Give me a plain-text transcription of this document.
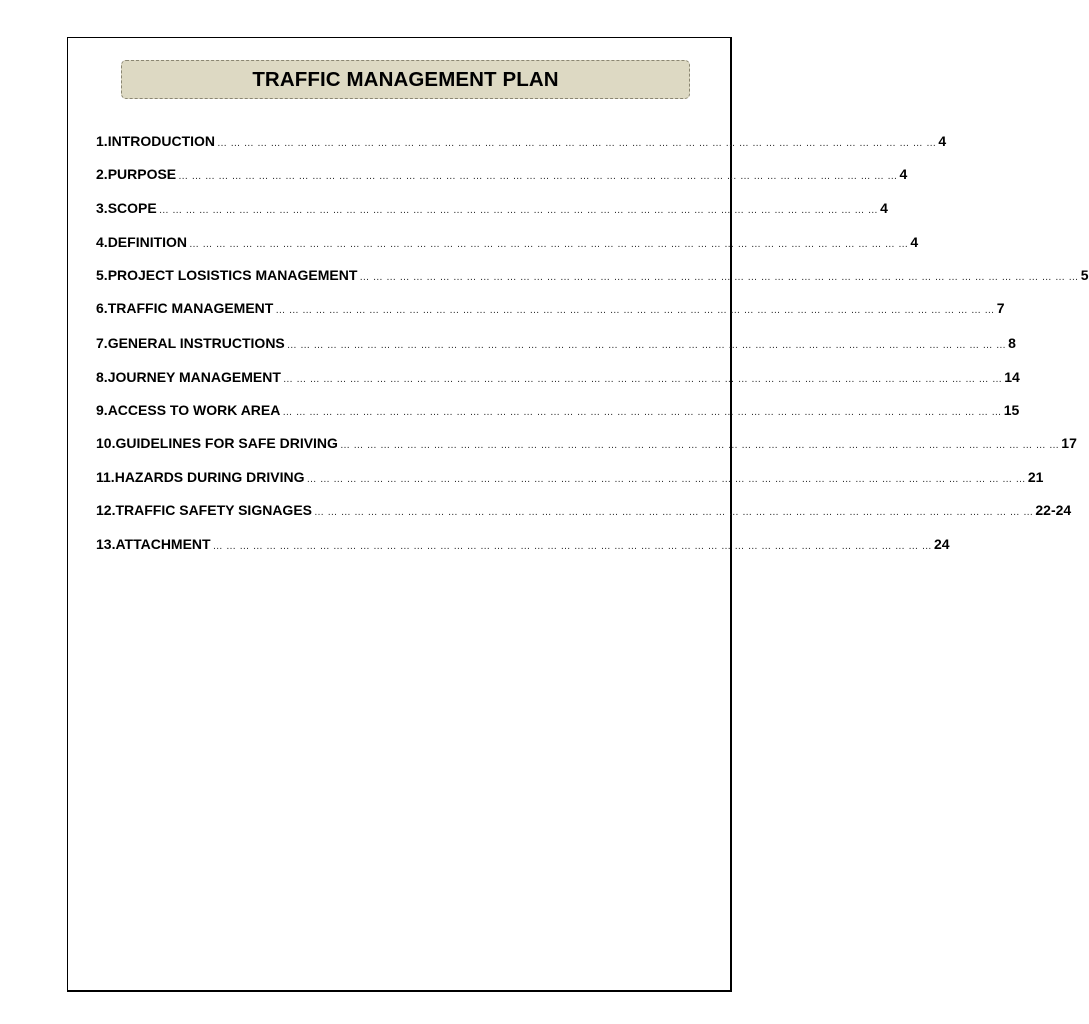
TRAFFIC MANAGEMENT PLAN
1. INTRODUCTION … … … … … … … … … … … … … … … … … … … … … … … … … … … … … … … … … … … … … … … … … … … … … … … … … … … … … … 4
2. PURPOSE … … … … … … … … … … … … … … … … … … … … … … … … … … … … … … … … … … … … … … … … … … … … … … … … … … … … … … 4
3. SCOPE … … … … … … … … … … … … … … … … … … … … … … … … … … … … … … … … … … … … … … … … … … … … … … … … … … … … … … 4
4. DEFINITION … … … … … … … … … … … … … … … … … … … … … … … … … … … … … … … … … … … … … … … … … … … … … … … … … … … … … … 4
5. PROJECT LOSISTICS MANAGEMENT … … … … … … … … … … … … … … … … … … … … … … … … … … … … … … … … … … … … … … … … … … … … … … … … … … … … … … 5
6. TRAFFIC MANAGEMENT … … … … … … … … … … … … … … … … … … … … … … … … … … … … … … … … … … … … … … … … … … … … … … … … … … … … … … 7
7. GENERAL INSTRUCTIONS … … … … … … … … … … … … … … … … … … … … … … … … … … … … … … … … … … … … … … … … … … … … … … … … … … … … … … 8
8. JOURNEY MANAGEMENT … … … … … … … … … … … … … … … … … … … … … … … … … … … … … … … … … … … … … … … … … … … … … … … … … … … … … … 14
9. ACCESS TO WORK AREA … … … … … … … … … … … … … … … … … … … … … … … … … … … … … … … … … … … … … … … … … … … … … … … … … … … … … … 15
10. GUIDELINES FOR SAFE DRIVING … … … … … … … … … … … … … … … … … … … … … … … … … … … … … … … … … … … … … … … … … … … … … … … … … … … … … … 17
11. HAZARDS DURING DRIVING … … … … … … … … … … … … … … … … … … … … … … … … … … … … … … … … … … … … … … … … … … … … … … … … … … … … … … 21
12. TRAFFIC SAFETY SIGNAGES … … … … … … … … … … … … … … … … … … … … … … … … … … … … … … … … … … … … … … … … … … … … … … … … … … … … … … 22-24
13. ATTACHMENT … … … … … … … … … … … … … … … … … … … … … … … … … … … … … … … … … … … … … … … … … … … … … … … … … … … … … … 24
